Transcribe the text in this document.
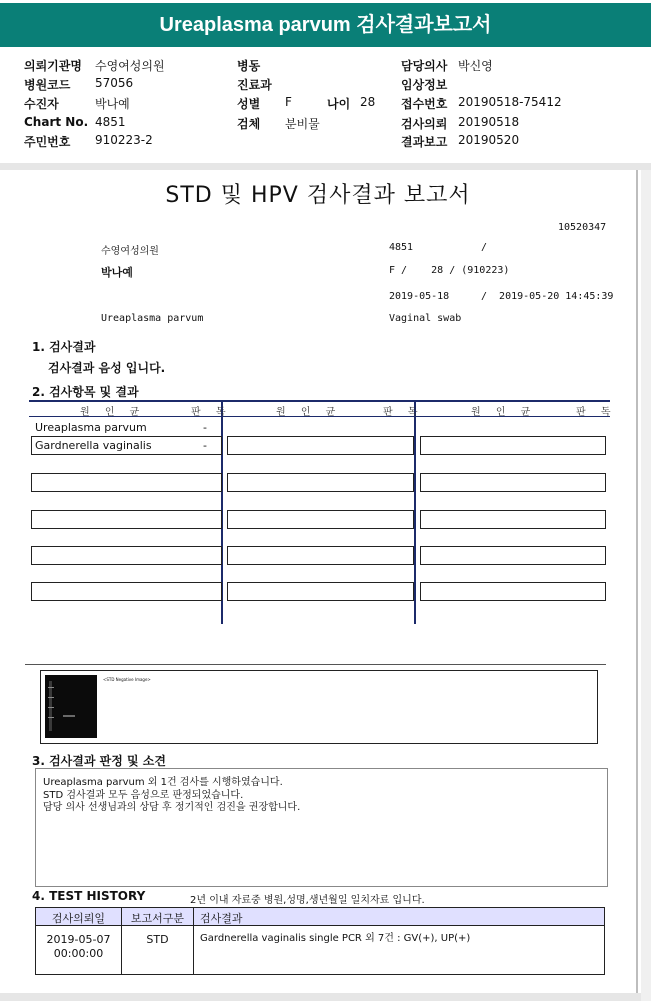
Ureaplasma parvum 검사결과보고서
의뢰기관명 수영여성의원
병원코드 57056
수진자	박나예
Chart No. 4851
주민번호 910223-2
병동
진료과
성별 F	나이 28
검체 분비물
담당의사 박신영
임상정보
접수번호 20190518-75412
검사의뢰 20190518
결과보고 20190520
STD 및 HPV 검사결과 보고서
10520347
수영여성의원	4851	/
박나예	F /    28 / (910223)
2019-05-18	/  2019-05-20 14:45:39
Ureaplasma parvum	Vaginal swab
1. 검사결과
검사결과 음성 입니다.
2. 검사항목 및 결과
원 인 균	판 독	원 인 균	판 독	원 인 균	판 독
Ureaplasma parvum	-
Gardnerella vaginalis	-
<STD Negative Image>
3. 검사결과 판정 및 소견
Ureaplasma parvum 외 1건 검사를 시행하였습니다.
STD 검사결과 모두 음성으로 판정되었습니다.
담당 의사 선생님과의 상담 후 정기적인 검진을 권장합니다.
4. TEST HISTORY	2년 이내 자료중 병원,성명,생년월일 일치자료 입니다.
검사의뢰일	보고서구분	검사결과
2019-05-07
00:00:00
STD	Gardnerella vaginalis single PCR 외 7건 : GV(+), UP(+)
